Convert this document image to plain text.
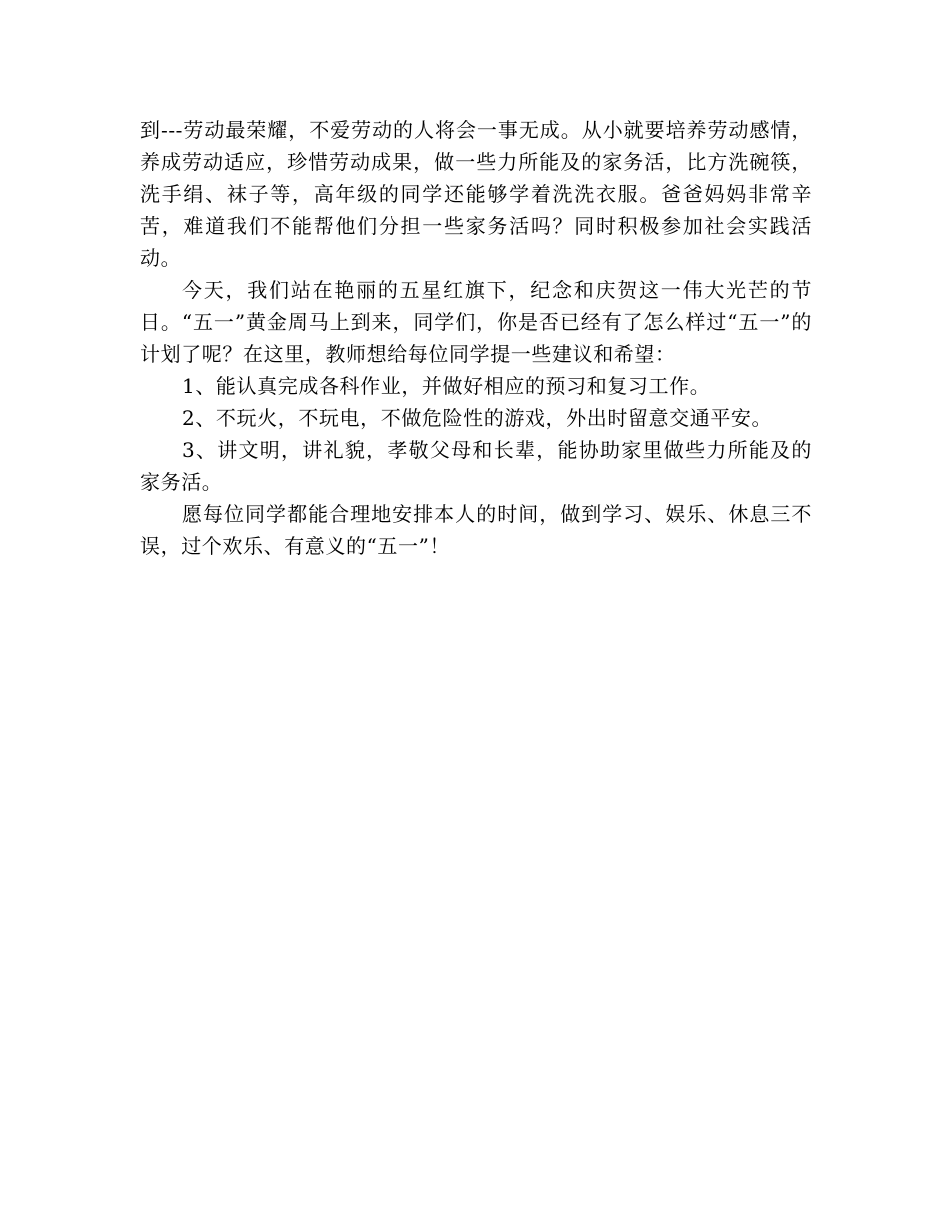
到---劳动最荣耀，不爱劳动的人将会一事无成。从小就要培养劳动感情，养成劳动适应，珍惜劳动成果，做一些力所能及的家务活，比方洗碗筷，洗手绢、袜子等，高年级的同学还能够学着洗洗衣服。爸爸妈妈非常辛苦，难道我们不能帮他们分担一些家务活吗？同时积极参加社会实践活动。

今天，我们站在艳丽的五星红旗下，纪念和庆贺这一伟大光芒的节日。“五一”黄金周马上到来，同学们，你是否已经有了怎么样过“五一”的计划了呢？在这里，教师想给每位同学提一些建议和希望：

1、能认真完成各科作业，并做好相应的预习和复习工作。

2、不玩火，不玩电，不做危险性的游戏，外出时留意交通平安。

3、讲文明，讲礼貌，孝敬父母和长辈，能协助家里做些力所能及的家务活。

愿每位同学都能合理地安排本人的时间，做到学习、娱乐、休息三不误，过个欢乐、有意义的“五一”！
